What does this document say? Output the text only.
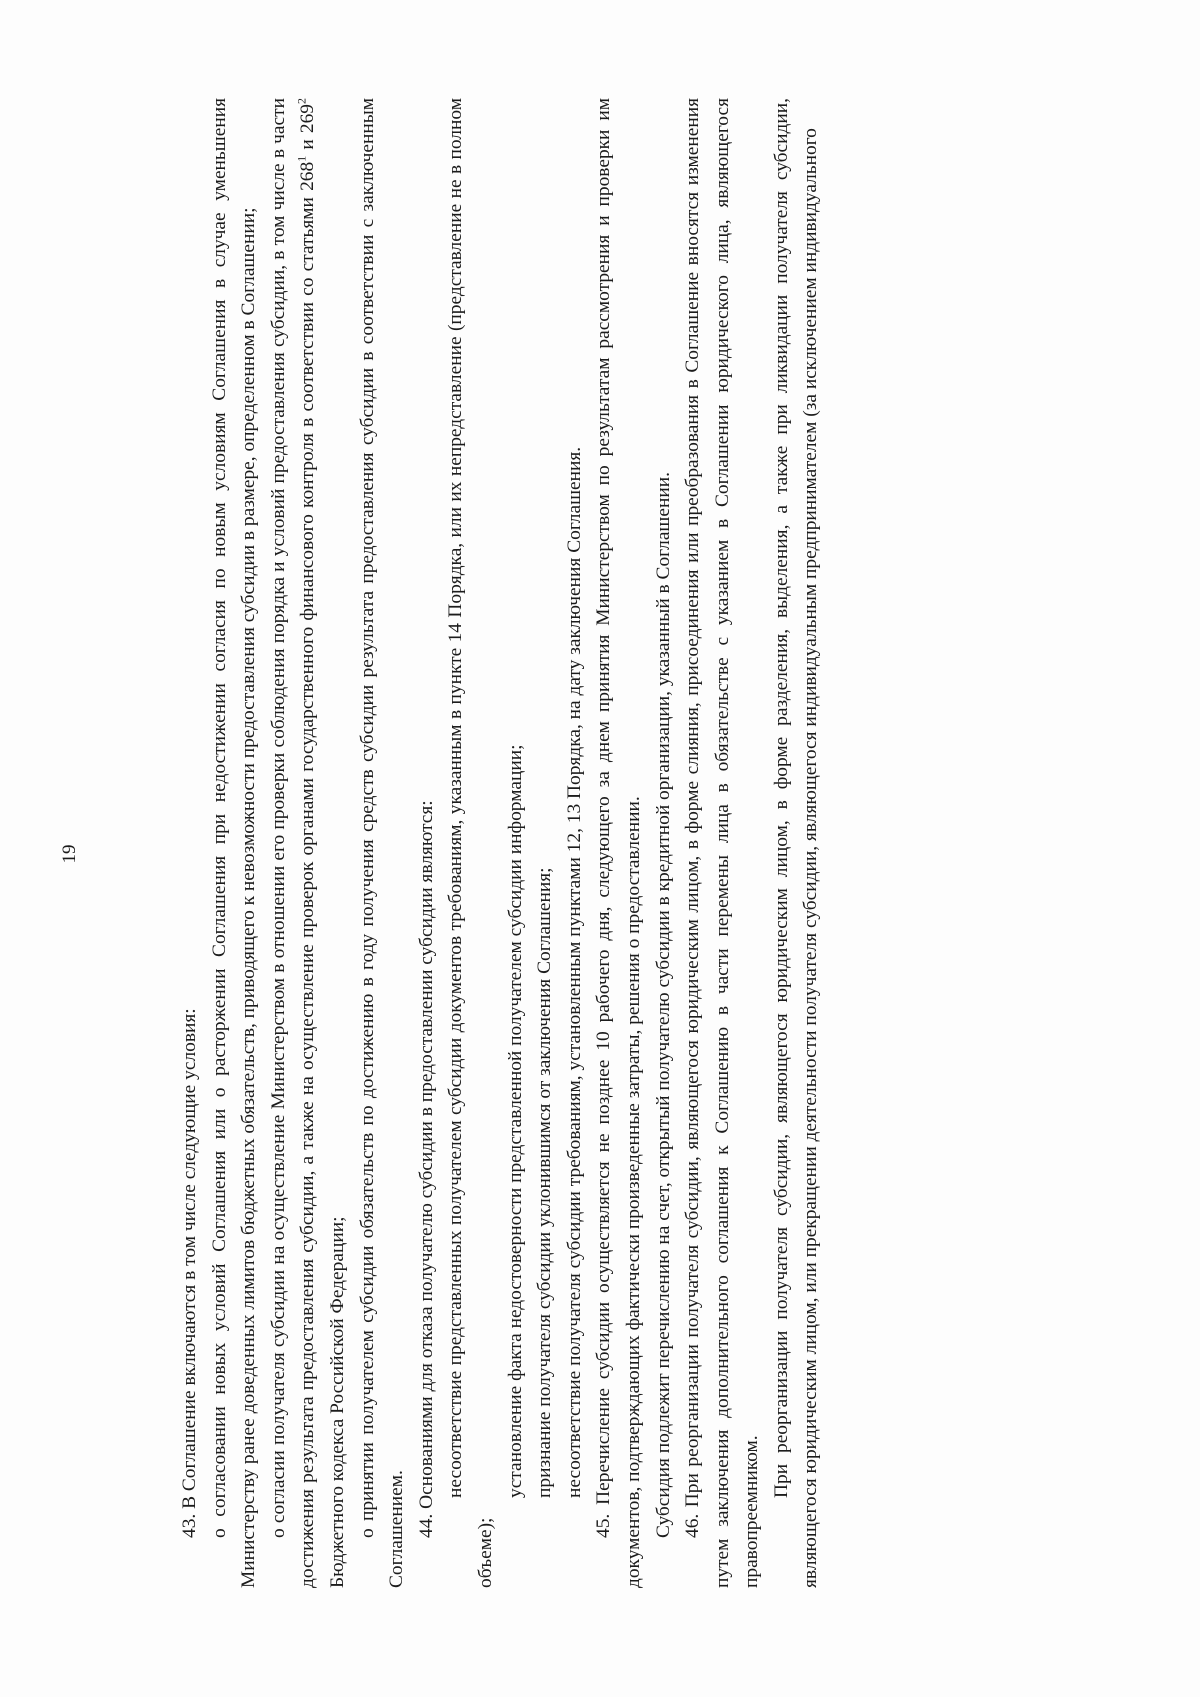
19

43. В Соглашение включаются в том числе следующие условия: о согласовании новых условий Соглашения или о расторжении Соглашения при недостижении согласия по новым условиям Соглашения в случае уменьшения Министерству ранее доведенных лимитов бюджетных обязательств, приводящего к невозможности предоставления субсидии в размере, определенном в Соглашении; о согласии получателя субсидии на осуществление Министерством в отношении его проверки соблюдения порядка и условий предоставления субсидии, в том числе в части достижения результата предоставления субсидии, а также на осуществление проверок органами государственного финансового контроля в соответствии со статьями $268^1$ и $269^2$ Бюджетного кодекса Российской Федерации; о принятии получателем субсидии обязательств по достижению в году получения средств субсидии результата предоставления субсидии в соответствии с заключенным Соглашением. 44. Основаниями для отказа получателю субсидии в предоставлении субсидии являются: несоответствие представленных получателем субсидии документов требованиям, указанным в пункте 14 Порядка, или их непредставление (представление не в полном объеме);

установление факта недостоверности представленной получателем субсидии информации; признание получателя субсидии уклонившимся от заключения Соглашения; несоответствие получателя субсидии требованиям, установленным пунктами 12, 13 Порядка, на дату заключения Соглашения. 45. Перечисление субсидии осуществляется не позднее 10 рабочего дня, следующего за днем принятия Министерством по результатам рассмотрения и проверки им документов, подтверждающих фактически произведенные затраты, решения о предоставлении. Субсидия подлежит перечислению на счет, открытый получателю субсидии в кредитной организации, указанный в Соглашении. 46. При реорганизации получателя субсидии, являющегося юридическим лицом, в форме слияния, присоединения или преобразования в Соглашение вносятся изменения путем заключения дополнительного соглашения к Соглашению в части перемены лица в обязательстве с указанием в Соглашении юридического лица, являющегося правопреемником.

При реорганизации получателя субсидии, являющегося юридическим лицом, в форме разделения, выделения, а также при ликвидации получателя субсидии, являющегося юридическим лицом, или прекращении деятельности получателя субсидии, являющегося индивидуальным предпринимателем (за исключением индивидуального
